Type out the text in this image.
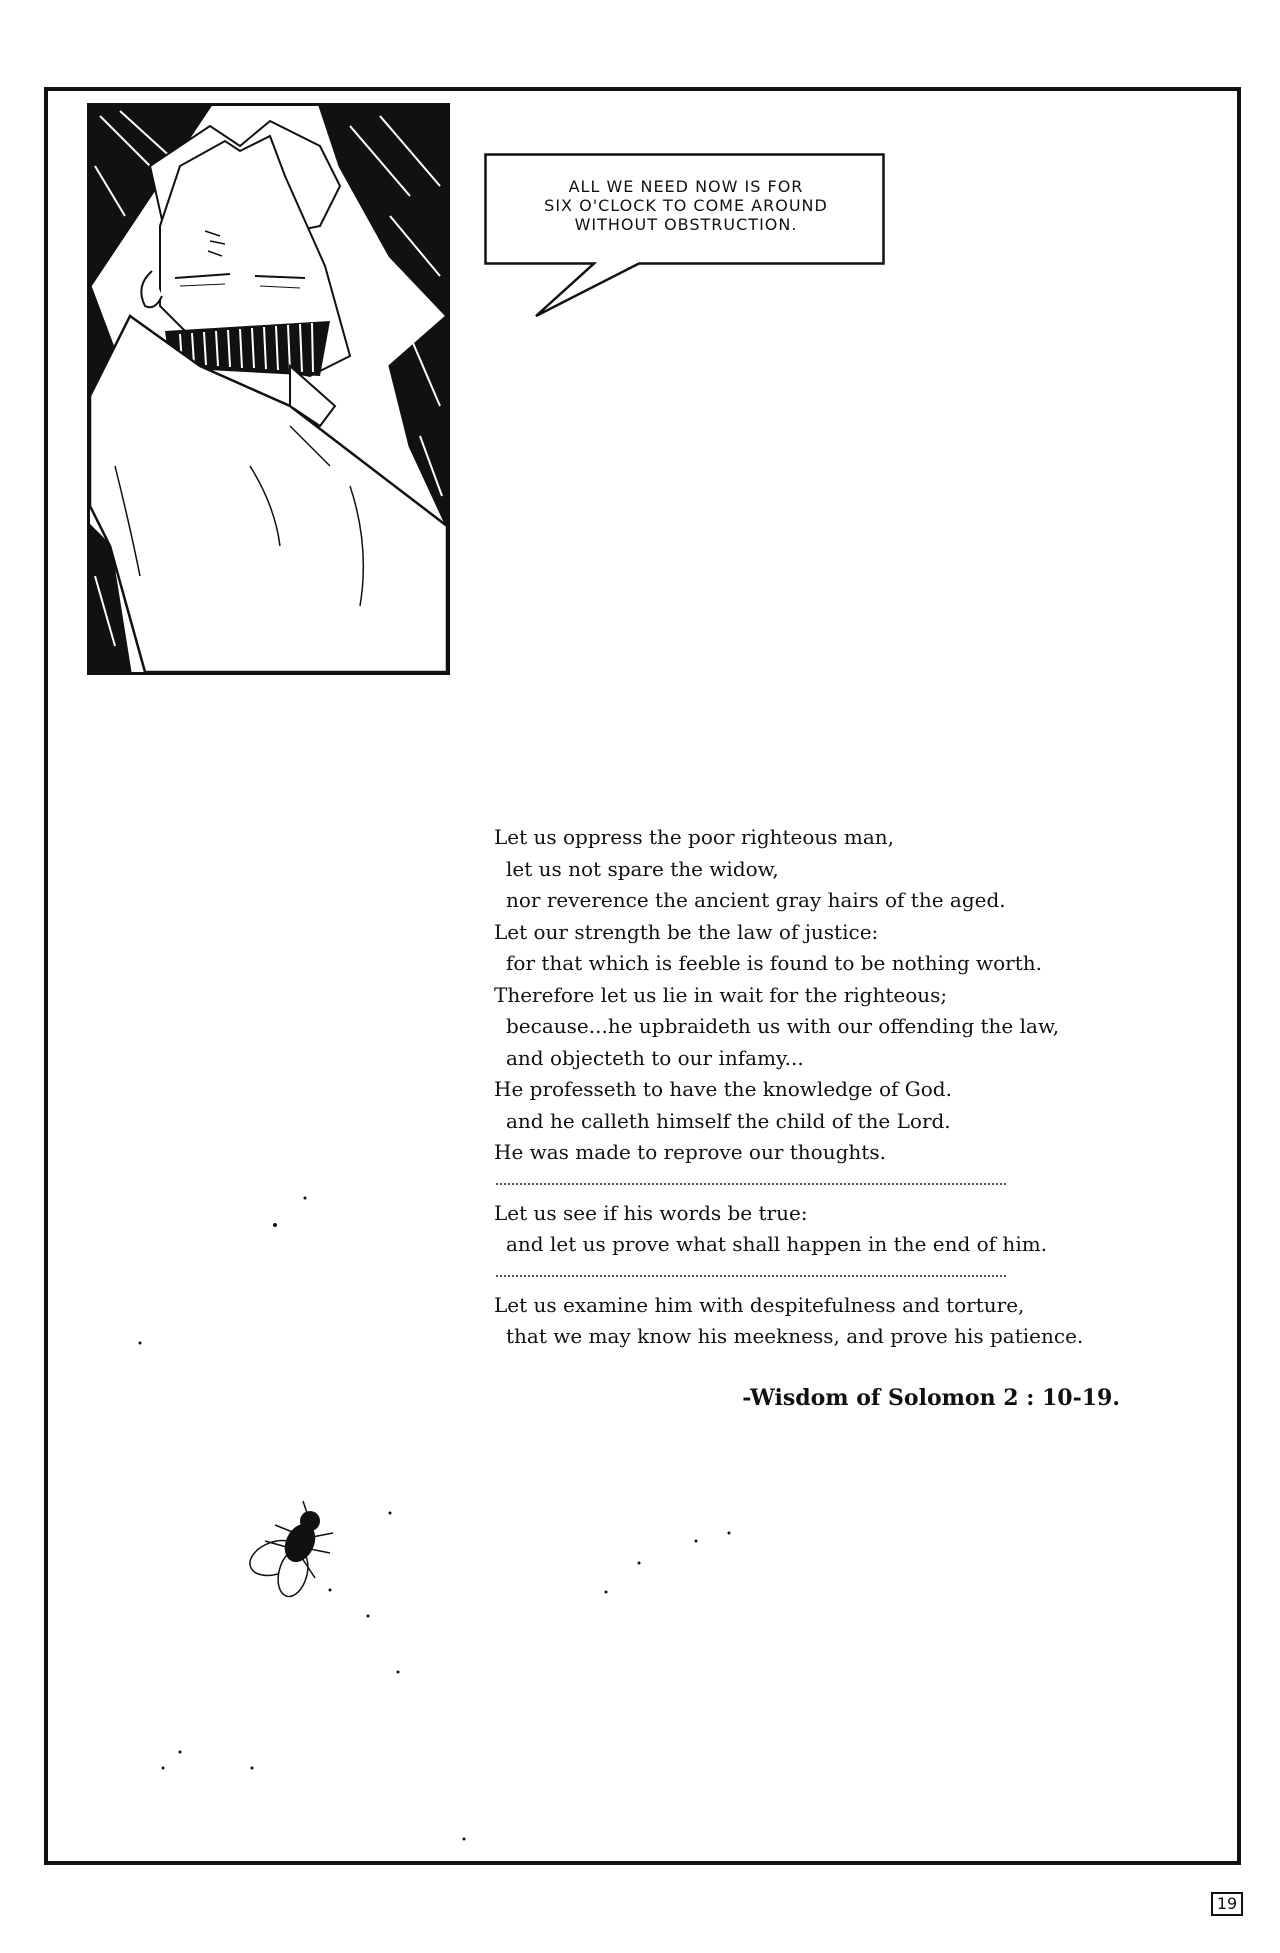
ALL WE NEED NOW IS FOR
SIX O'CLOCK TO COME AROUND
WITHOUT OBSTRUCTION.
Let us oppress the poor righteous man,
let us not spare the widow,
nor reverence the ancient gray hairs of the aged.
Let our strength be the law of justice:
for that which is feeble is found to be nothing worth.
Therefore let us lie in wait for the righteous;
because...he upbraideth us with our offending the law,
and objecteth to our infamy...
He professeth to have the knowledge of God.
and he calleth himself the child of the Lord.
He was made to reprove our thoughts.
Let us see if his words be true:
and let us prove what shall happen in the end of him.
Let us examine him with despitefulness and torture,
that we may know his meekness, and prove his patience.
-Wisdom of Solomon 2 : 10-19.
19
